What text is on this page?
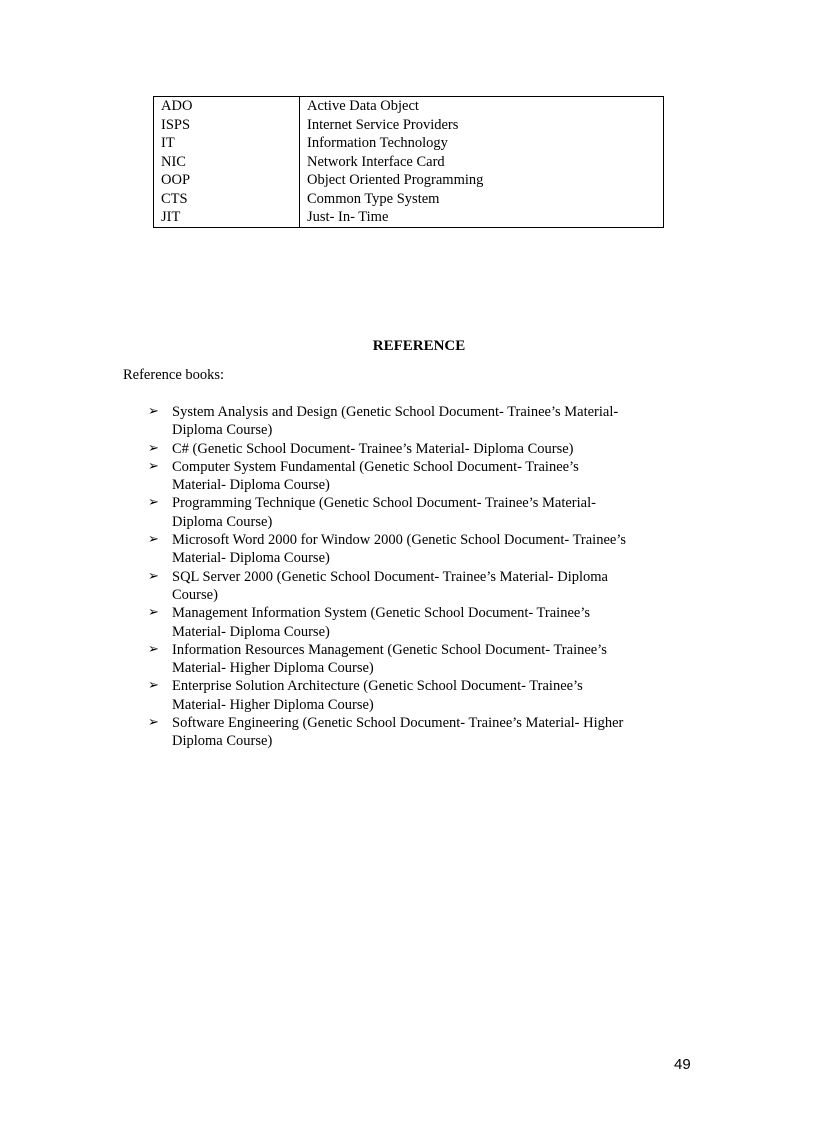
ADO	Active Data Object
ISPS	Internet Service Providers
IT	Information Technology
NIC	Network Interface Card
OOP	Object Oriented Programming
CTS	Common Type System
JIT	Just- In- Time
REFERENCE
Reference books:
➢ System Analysis and Design (Genetic School Document- Trainee’s Material-
Diploma Course)
➢ C# (Genetic School Document- Trainee’s Material- Diploma Course)
➢ Computer System Fundamental (Genetic School Document- Trainee’s
Material- Diploma Course)
➢ Programming Technique (Genetic School Document- Trainee’s Material-
Diploma Course)
➢ Microsoft Word 2000 for Window 2000 (Genetic School Document- Trainee’s
Material- Diploma Course)
➢ SQL Server 2000 (Genetic School Document- Trainee’s Material- Diploma
Course)
➢ Management Information System (Genetic School Document- Trainee’s
Material- Diploma Course)
➢ Information Resources Management (Genetic School Document- Trainee’s
Material- Higher Diploma Course)
➢ Enterprise Solution Architecture (Genetic School Document- Trainee’s
Material- Higher Diploma Course)
➢ Software Engineering (Genetic School Document- Trainee’s Material- Higher
Diploma Course)
49
